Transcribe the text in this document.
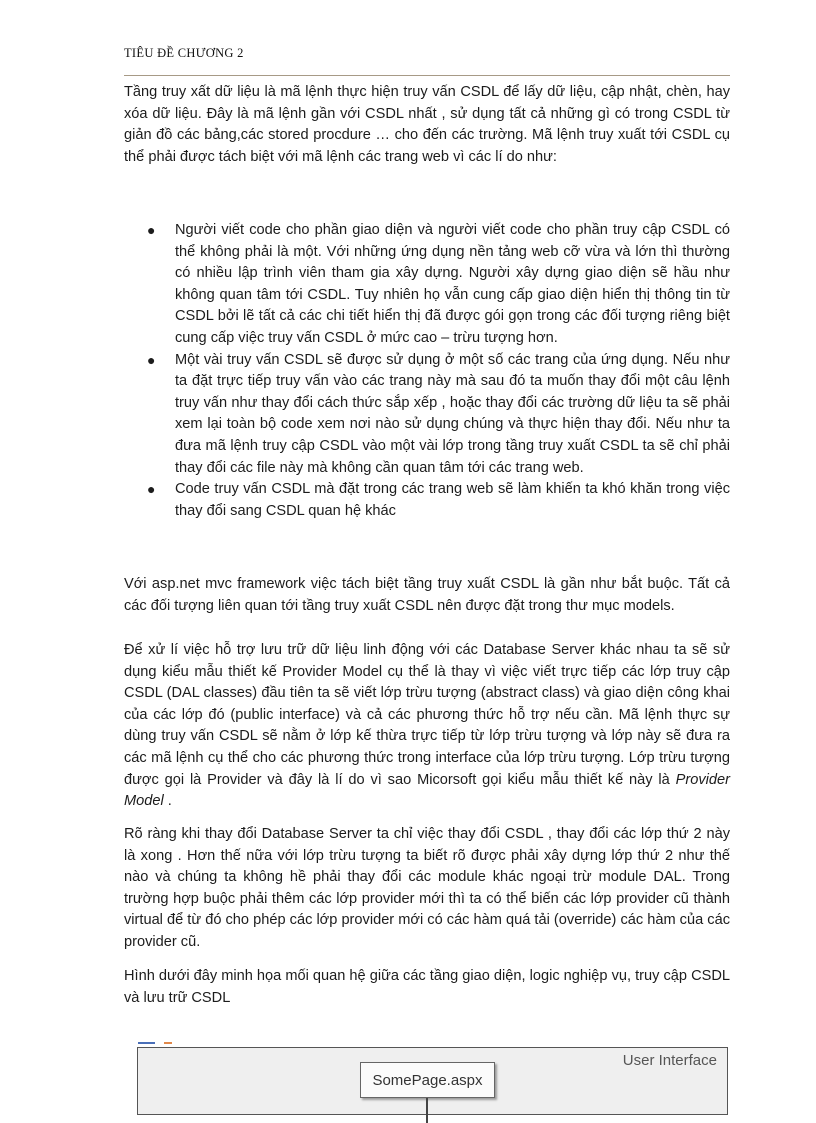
TIÊU ĐỀ CHƯƠNG 2

Tầng truy xất dữ liệu là mã lệnh thực hiện truy vấn CSDL để lấy dữ liệu, cập nhật, chèn, hay xóa dữ liệu. Đây là mã lệnh gần với CSDL nhất , sử dụng tất cả những gì có trong CSDL từ giản đồ các bảng,các stored procdure … cho đến các trường. Mã lệnh truy xuất tới CSDL cụ thể phải được tách biệt với mã lệnh các trang web vì các lí do như:

● Người viết code cho phần giao diện và người viết code cho phần truy cập CSDL có thể không phải là một. Với những ứng dụng nền tảng web cỡ vừa và lớn thì thường có nhiều lập trình viên tham gia xây dựng. Người xây dựng giao diện sẽ hầu như không quan tâm tới CSDL. Tuy nhiên họ vẫn cung cấp giao diện hiển thị thông tin từ CSDL bởi lẽ tất cả các chi tiết hiển thị đã được gói gọn trong các đối tượng riêng biệt cung cấp việc truy vấn CSDL ở mức cao – trừu tượng hơn.
● Một vài truy vấn CSDL sẽ được sử dụng ở một số các trang của ứng dụng. Nếu như ta đặt trực tiếp truy vấn vào các trang này mà sau đó ta muốn thay đổi một câu lệnh truy vấn như thay đổi cách thức sắp xếp , hoặc thay đổi các trường dữ liệu ta sẽ phải xem lại toàn bộ code xem nơi nào sử dụng chúng và thực hiện thay đổi. Nếu như ta đưa mã lệnh truy cập CSDL vào một vài lớp trong tầng truy xuất CSDL ta sẽ chỉ phải thay đổi các file này mà không cần quan tâm tới các trang web.
● Code truy vấn CSDL mà đặt trong các trang web sẽ làm khiến ta khó khăn trong việc thay đổi sang CSDL quan hệ khác

Với asp.net mvc framework việc tách biệt tầng truy xuất CSDL là gần như bắt buộc. Tất cả các đối tượng liên quan tới tầng truy xuất CSDL nên được đặt trong thư mục models.

Để xử lí việc hỗ trợ lưu trữ dữ liệu linh động với các Database Server khác nhau ta sẽ sử dụng kiểu mẫu thiết kế Provider Model cụ thể là thay vì việc viết trực tiếp các lớp truy cập CSDL (DAL classes) đầu tiên ta sẽ viết lớp trừu tượng (abstract class) và giao diện công khai của các lớp đó (public interface) và cả các phương thức hỗ trợ nếu cần. Mã lệnh thực sự dùng truy vấn CSDL sẽ nằm ở lớp kế thừa trực tiếp từ lớp trừu tượng và lớp này sẽ đưa ra các mã lệnh cụ thể cho các phương thức trong interface của lớp trừu tượng. Lớp trừu tượng được gọi là Provider và đây là lí do vì sao Micorsoft gọi kiểu mẫu thiết kế này là Provider Model .

Rõ ràng khi thay đổi Database Server ta chỉ việc thay đổi CSDL , thay đổi các lớp thứ 2 này là xong . Hơn thế nữa với lớp trừu tượng ta biết rõ được phải xây dựng lớp thứ 2 như thế nào và chúng ta không hề phải thay đổi các module khác ngoại trừ module DAL. Trong trường hợp buộc phải thêm các lớp provider mới thì ta có thể biến các lớp provider cũ thành virtual để từ đó cho phép các lớp provider mới có các hàm quá tải (override) các hàm của các provider cũ.

Hình dưới đây minh họa mối quan hệ giữa các tầng giao diện, logic nghiệp vụ, truy cập CSDL và lưu trữ CSDL

User Interface
SomePage.aspx
